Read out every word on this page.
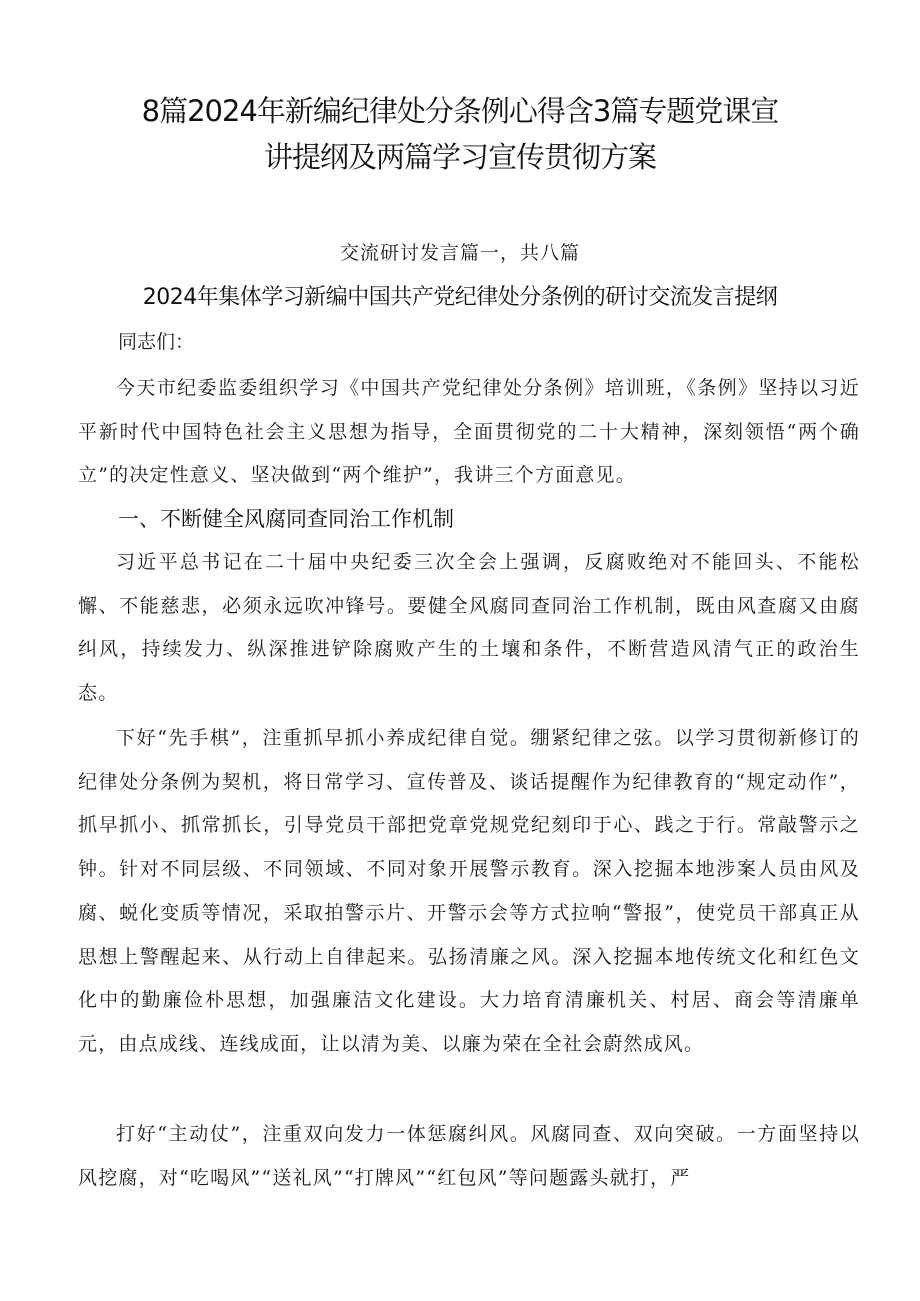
8篇2024年新编纪律处分条例心得含3篇专题党课宣
讲提纲及两篇学习宣传贯彻方案
交流研讨发言篇一，共八篇
2024年集体学习新编中国共产党纪律处分条例的研讨交流发言提纲
同志们：

今天市纪委监委组织学习《中国共产党纪律处分条例》培训班，《条例》坚持以习近平新时代中国特色社会主义思想为指导，全面贯彻党的二十大精神，深刻领悟“两个确立”的决定性意义、坚决做到“两个维护”，我讲三个方面意见。

一、不断健全风腐同查同治工作机制

习近平总书记在二十届中央纪委三次全会上强调，反腐败绝对不能回头、不能松懈、不能慈悲，必须永远吹冲锋号。要健全风腐同查同治工作机制，既由风查腐又由腐纠风，持续发力、纵深推进铲除腐败产生的土壤和条件，不断营造风清气正的政治生态。

下好“先手棋”，注重抓早抓小养成纪律自觉。绷紧纪律之弦。以学习贯彻新修订的纪律处分条例为契机，将日常学习、宣传普及、谈话提醒作为纪律教育的“规定动作”，抓早抓小、抓常抓长，引导党员干部把党章党规党纪刻印于心、践之于行。常敲警示之钟。针对不同层级、不同领域、不同对象开展警示教育。深入挖掘本地涉案人员由风及腐、蜕化变质等情况，采取拍警示片、开警示会等方式拉响“警报”，使党员干部真正从思想上警醒起来、从行动上自律起来。弘扬清廉之风。深入挖掘本地传统文化和红色文化中的勤廉俭朴思想，加强廉洁文化建设。大力培育清廉机关、村居、商会等清廉单元，由点成线、连线成面，让以清为美、以廉为荣在全社会蔚然成风。

打好“主动仗”，注重双向发力一体惩腐纠风。风腐同查、双向突破。一方面坚持以风挖腐，对“吃喝风”“送礼风”“打牌风”“红包风”等问题露头就打，严
